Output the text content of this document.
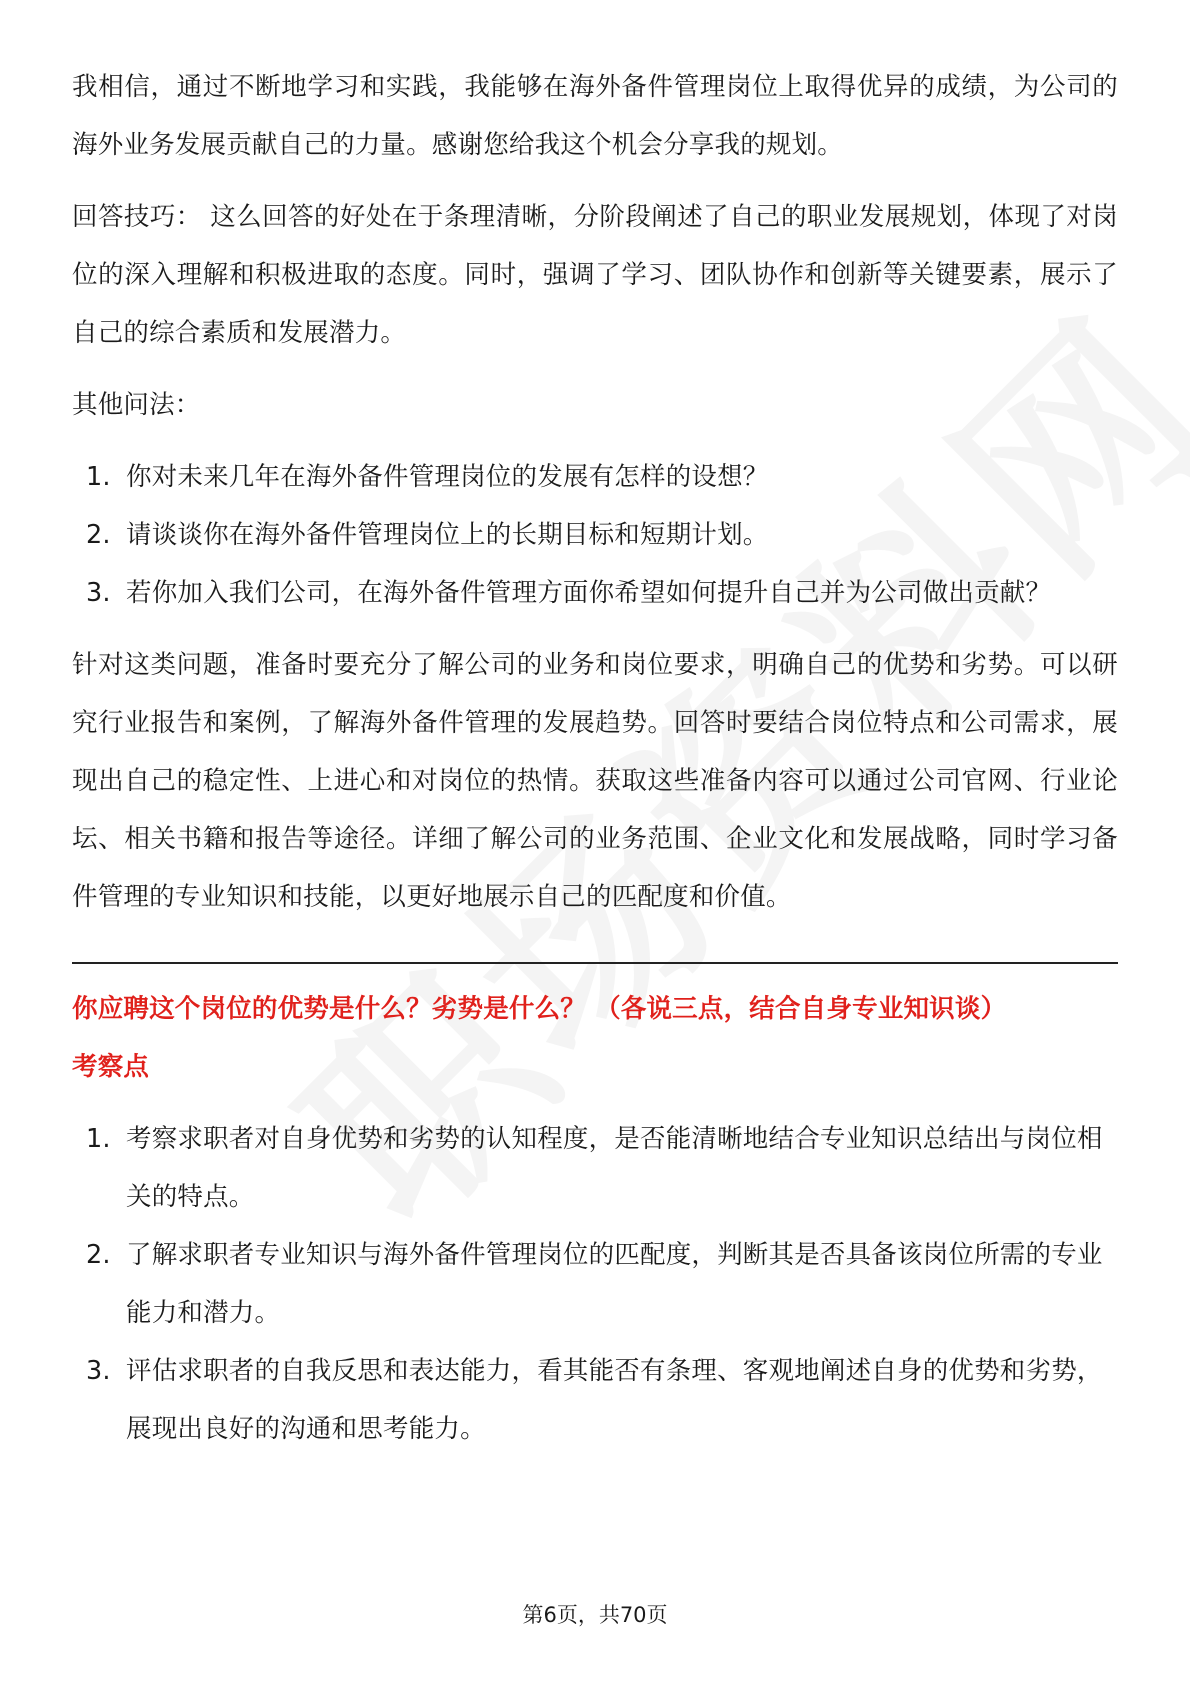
我相信，通过不断地学习和实践，我能够在海外备件管理岗位上取得优异的成绩，为公司的海外业务发展贡献自己的力量。感谢您给我这个机会分享我的规划。

回答技巧： 这么回答的好处在于条理清晰，分阶段阐述了自己的职业发展规划，体现了对岗位的深入理解和积极进取的态度。同时，强调了学习、团队协作和创新等关键要素，展示了自己的综合素质和发展潜力。

其他问法：

1. 你对未来几年在海外备件管理岗位的发展有怎样的设想？
2. 请谈谈你在海外备件管理岗位上的长期目标和短期计划。
3. 若你加入我们公司，在海外备件管理方面你希望如何提升自己并为公司做出贡献？

针对这类问题，准备时要充分了解公司的业务和岗位要求，明确自己的优势和劣势。可以研究行业报告和案例，了解海外备件管理的发展趋势。回答时要结合岗位特点和公司需求，展现出自己的稳定性、上进心和对岗位的热情。获取这些准备内容可以通过公司官网、行业论坛、相关书籍和报告等途径。详细了解公司的业务范围、企业文化和发展战略，同时学习备件管理的专业知识和技能，以更好地展示自己的匹配度和价值。

你应聘这个岗位的优势是什么？劣势是什么？ （各说三点，结合自身专业知识谈）

考察点

1. 考察求职者对自身优势和劣势的认知程度，是否能清晰地结合专业知识总结出与岗位相关的特点。
2. 了解求职者专业知识与海外备件管理岗位的匹配度，判断其是否具备该岗位所需的专业能力和潜力。
3. 评估求职者的自我反思和表达能力，看其能否有条理、客观地阐述自身的优势和劣势，展现出良好的沟通和思考能力。
第6页，共70页
